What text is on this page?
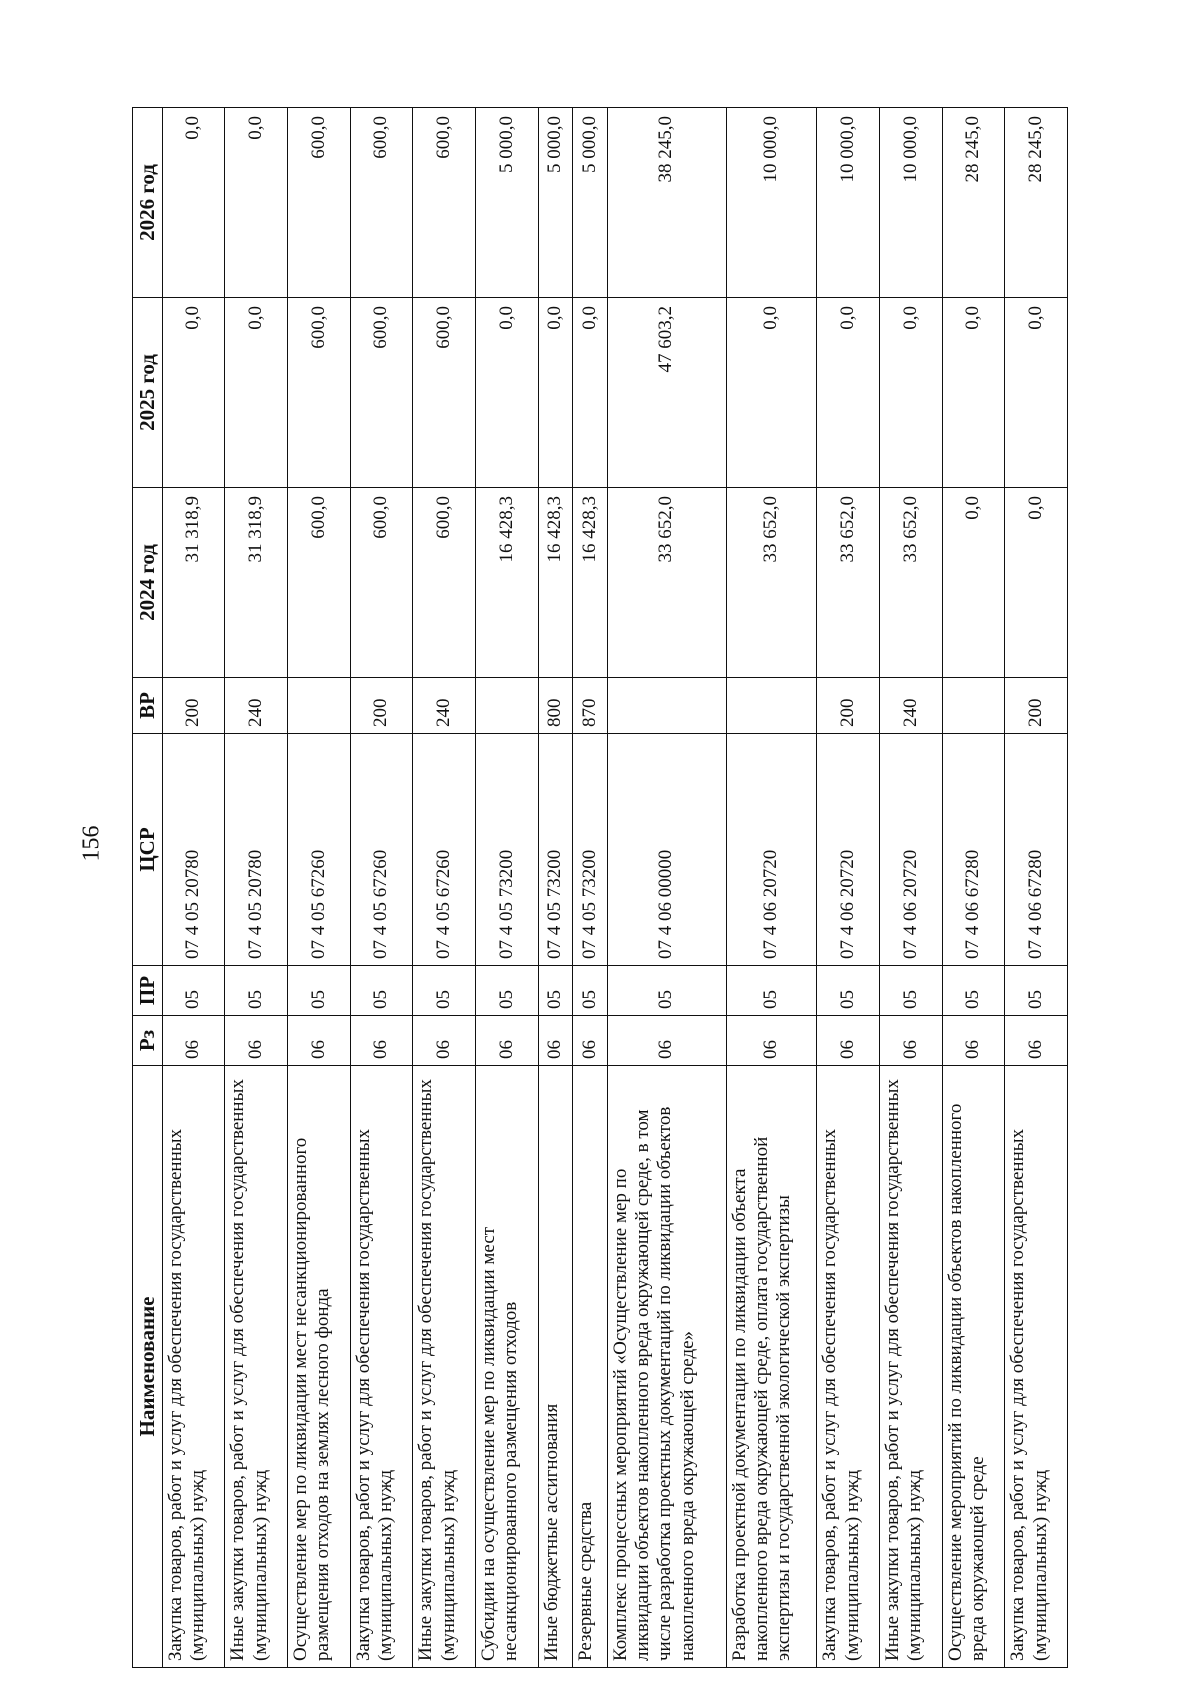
156
Наименование	Рз	ПР	ЦСР	ВР	2024 год	2025 год	2026 год
Закупка товаров, работ и услуг для обеспечения государственных (муниципальных) нужд	06	05	07 4 05 20780	200	31 318,9	0,0	0,0
Иные закупки товаров, работ и услуг для обеспечения государственных (муниципальных) нужд	06	05	07 4 05 20780	240	31 318,9	0,0	0,0
Осуществление мер по ликвидации мест несанкционированного размещения отходов на землях лесного фонда	06	05	07 4 05 67260		600,0	600,0	600,0
Закупка товаров, работ и услуг для обеспечения государственных (муниципальных) нужд	06	05	07 4 05 67260	200	600,0	600,0	600,0
Иные закупки товаров, работ и услуг для обеспечения государственных (муниципальных) нужд	06	05	07 4 05 67260	240	600,0	600,0	600,0
Субсидии на осуществление мер по ликвидации мест несанкционированного размещения отходов	06	05	07 4 05 73200		16 428,3	0,0	5 000,0
Иные бюджетные ассигнования	06	05	07 4 05 73200	800	16 428,3	0,0	5 000,0
Резервные средства	06	05	07 4 05 73200	870	16 428,3	0,0	5 000,0
Комплекс процессных мероприятий «Осуществление мер по ликвидации объектов накопленного вреда окружающей среде, в том числе разработка проектных документаций по ликвидации объектов накопленного вреда окружающей среде»	06	05	07 4 06 00000		33 652,0	47 603,2	38 245,0
Разработка проектной документации по ликвидации объекта накопленного вреда окружающей среде, оплата государственной экспертизы и государственной экологической экспертизы	06	05	07 4 06 20720		33 652,0	0,0	10 000,0
Закупка товаров, работ и услуг для обеспечения государственных (муниципальных) нужд	06	05	07 4 06 20720	200	33 652,0	0,0	10 000,0
Иные закупки товаров, работ и услуг для обеспечения государственных (муниципальных) нужд	06	05	07 4 06 20720	240	33 652,0	0,0	10 000,0
Осуществление мероприятий по ликвидации объектов накопленного вреда окружающей среде	06	05	07 4 06 67280		0,0	0,0	28 245,0
Закупка товаров, работ и услуг для обеспечения государственных (муниципальных) нужд	06	05	07 4 06 67280	200	0,0	0,0	28 245,0
